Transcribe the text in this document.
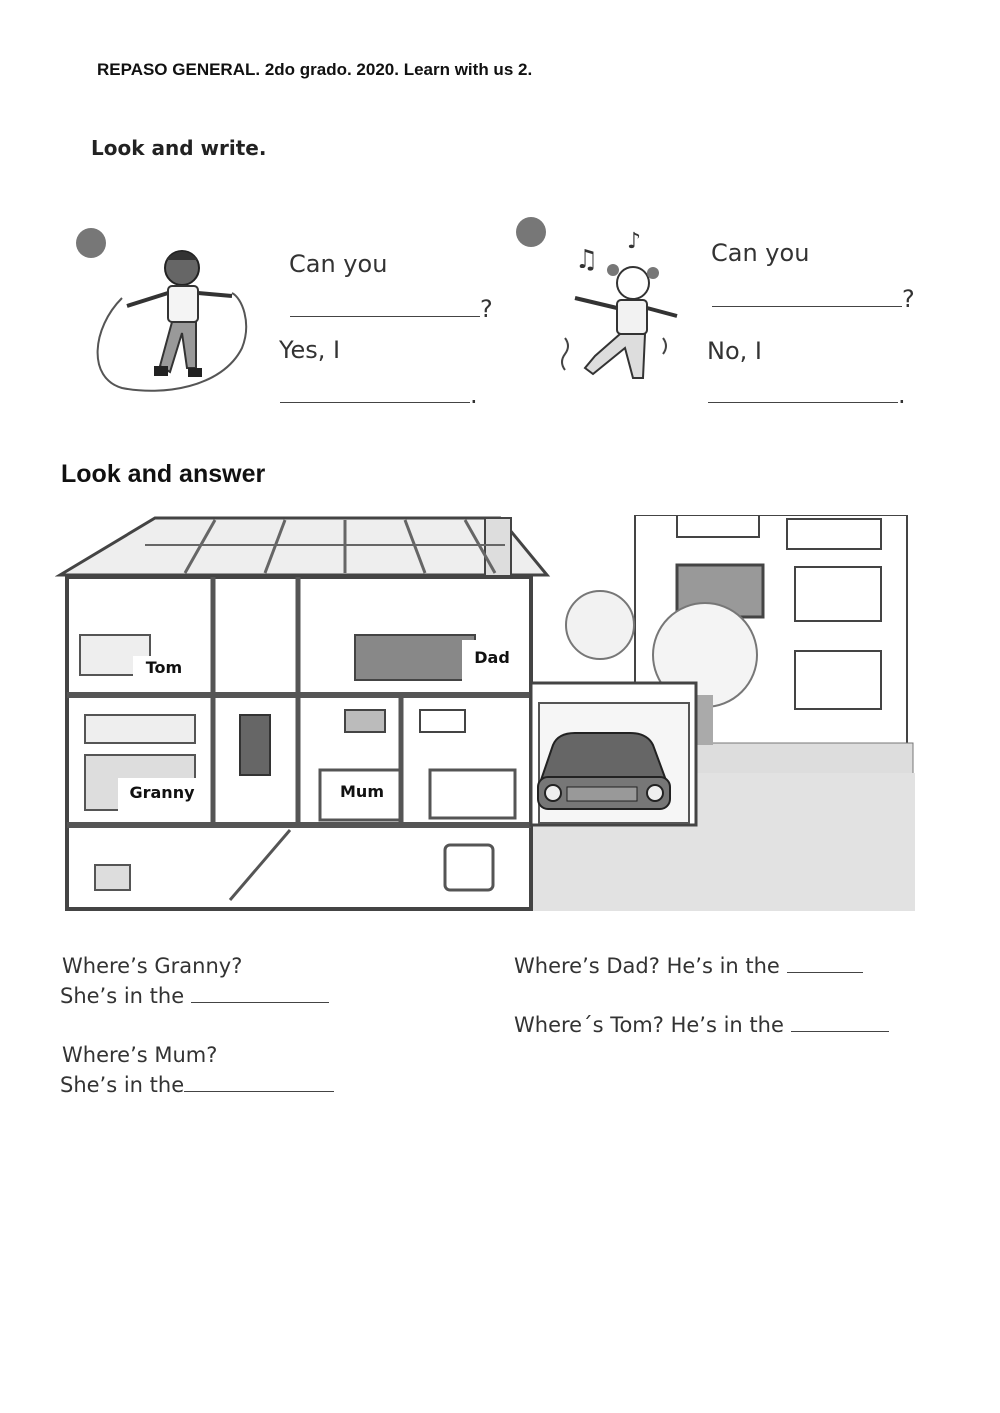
REPASO GENERAL. 2do grado. 2020. Learn with us 2.
Look and write.
Can you
?
Yes, I
.
♫
♪	Can you
?
No, I
.
Look and answer
Tom
Dad
Granny	Mum
Where’s Granny?
She’s in the
Where’s Mum?
She’s in the
Where’s Dad? He’s in the
Where´s Tom? He’s in the
